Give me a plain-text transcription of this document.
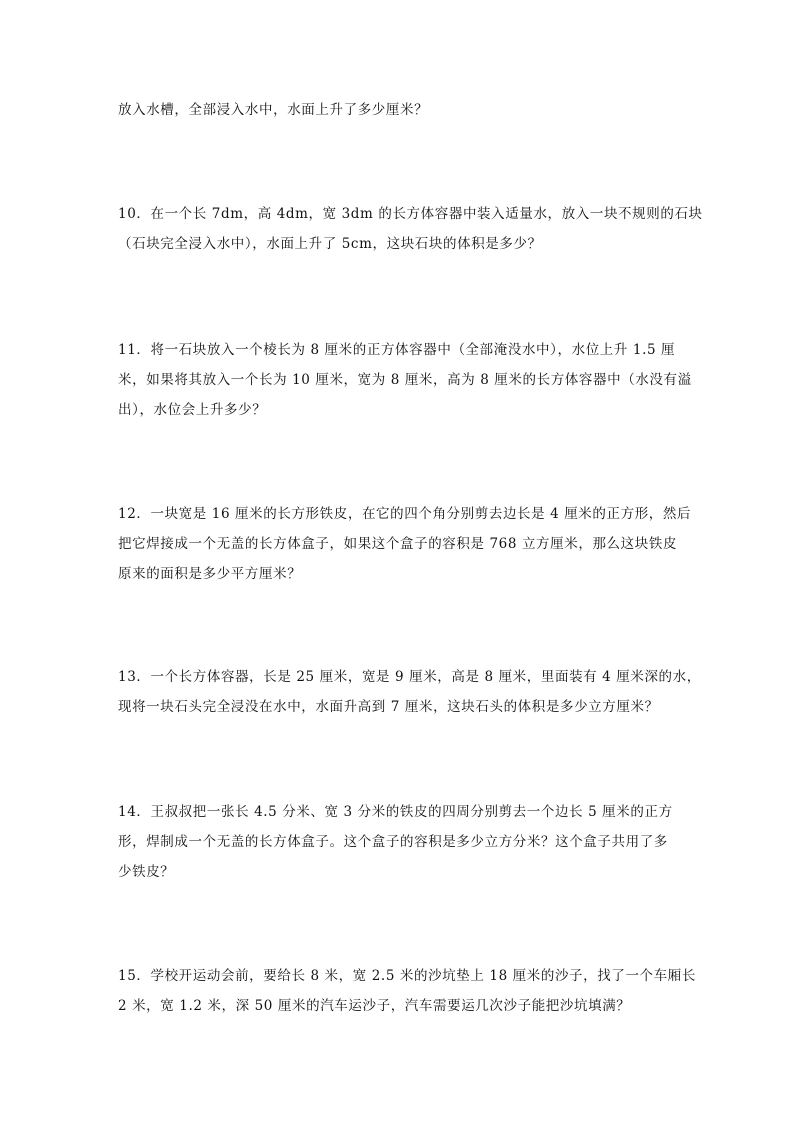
放入水槽，全部浸入水中，水面上升了多少厘米？
10．在一个长 7dm，高 4dm，宽 3dm 的长方体容器中装入适量水，放入一块不规则的石块
（石块完全浸入水中），水面上升了 5cm，这块石块的体积是多少？
11．将一石块放入一个棱长为 8 厘米的正方体容器中（全部淹没水中），水位上升 1.5 厘
米，如果将其放入一个长为 10 厘米，宽为 8 厘米，高为 8 厘米的长方体容器中（水没有溢
出），水位会上升多少？
12．一块宽是 16 厘米的长方形铁皮，在它的四个角分别剪去边长是 4 厘米的正方形，然后
把它焊接成一个无盖的长方体盒子，如果这个盒子的容积是 768 立方厘米，那么这块铁皮
原来的面积是多少平方厘米？
13．一个长方体容器，长是 25 厘米，宽是 9 厘米，高是 8 厘米，里面装有 4 厘米深的水，
现将一块石头完全浸没在水中，水面升高到 7 厘米，这块石头的体积是多少立方厘米？
14．王叔叔把一张长 4.5 分米、宽 3 分米的铁皮的四周分别剪去一个边长 5 厘米的正方
形，焊制成一个无盖的长方体盒子。这个盒子的容积是多少立方分米？这个盒子共用了多
少铁皮？
15．学校开运动会前，要给长 8 米，宽 2.5 米的沙坑垫上 18 厘米的沙子，找了一个车厢长
2 米，宽 1.2 米，深 50 厘米的汽车运沙子，汽车需要运几次沙子能把沙坑填满？
